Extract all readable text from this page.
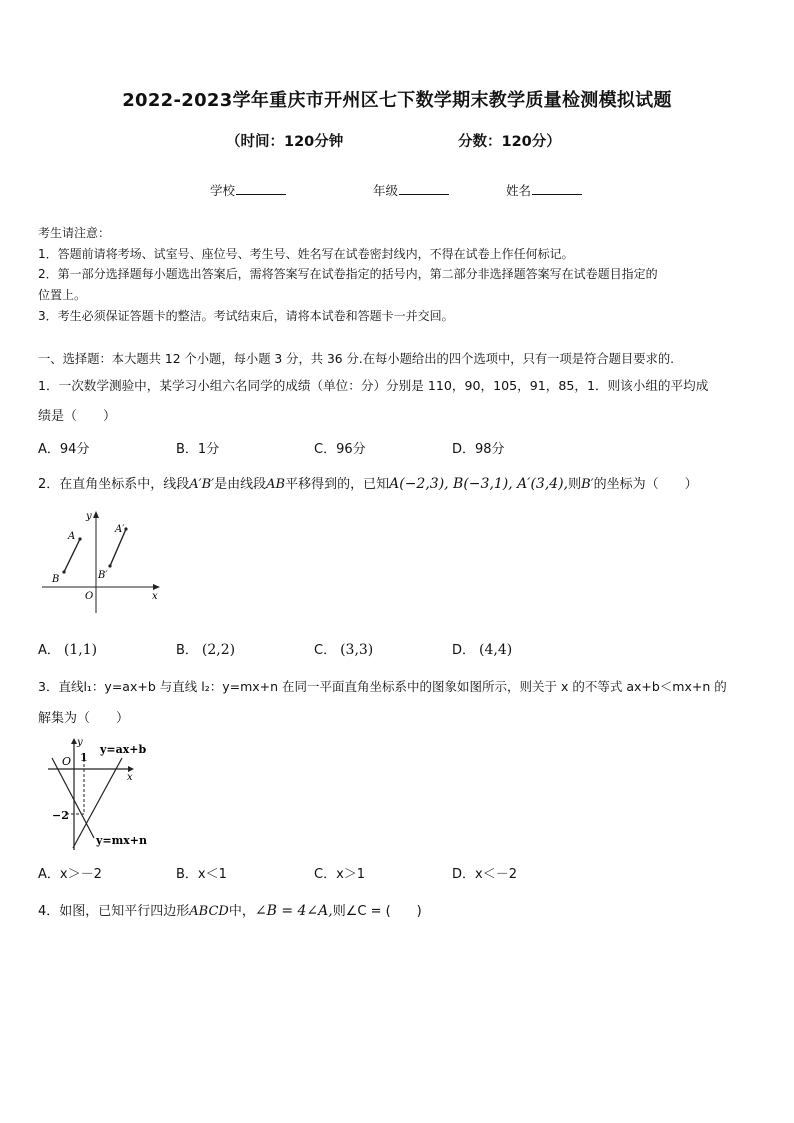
2022-2023学年重庆市开州区七下数学期末教学质量检测模拟试题
（时间：120分钟	分数：120分）
学校	年级	姓名
考生请注意：
1．答题前请将考场、试室号、座位号、考生号、姓名写在试卷密封线内，不得在试卷上作任何标记。
2．第一部分选择题每小题选出答案后，需将答案写在试卷指定的括号内，第二部分非选择题答案写在试卷题目指定的
位置上。
3．考生必须保证答题卡的整洁。考试结束后，请将本试卷和答题卡一并交回。
一、选择题：本大题共 12 个小题，每小题 3 分，共 36 分.在每小题给出的四个选项中，只有一项是符合题目要求的.
1．一次数学测验中，某学习小组六名同学的成绩（单位：分）分别是 110，90，105，91，85，1．则该小组的平均成
绩是（　　）
A．94分	B．1分	C．96分	D．98分
2．在直角坐标系中，线段A′B′是由线段AB平移得到的，已知A(−2,3), B(−3,1), A′(3,4),则B′的坐标为（　　）
y
x
O
A
B
A′
B′
A． (1,1)	B． (2,2)	C． (3,3)	D． (4,4)
3．直线l₁：y=ax+b 与直线 l₂：y=mx+n 在同一平面直角坐标系中的图象如图所示，则关于 x 的不等式 ax+b＜mx+n 的
解集为（　　）
y
x
O 1
−2
y=ax+b
y=mx+n
A．x＞－2	B．x＜1	C．x＞1	D．x＜－2
4．如图，已知平行四边形ABCD中，∠B = 4∠A,则∠C = (　　)
